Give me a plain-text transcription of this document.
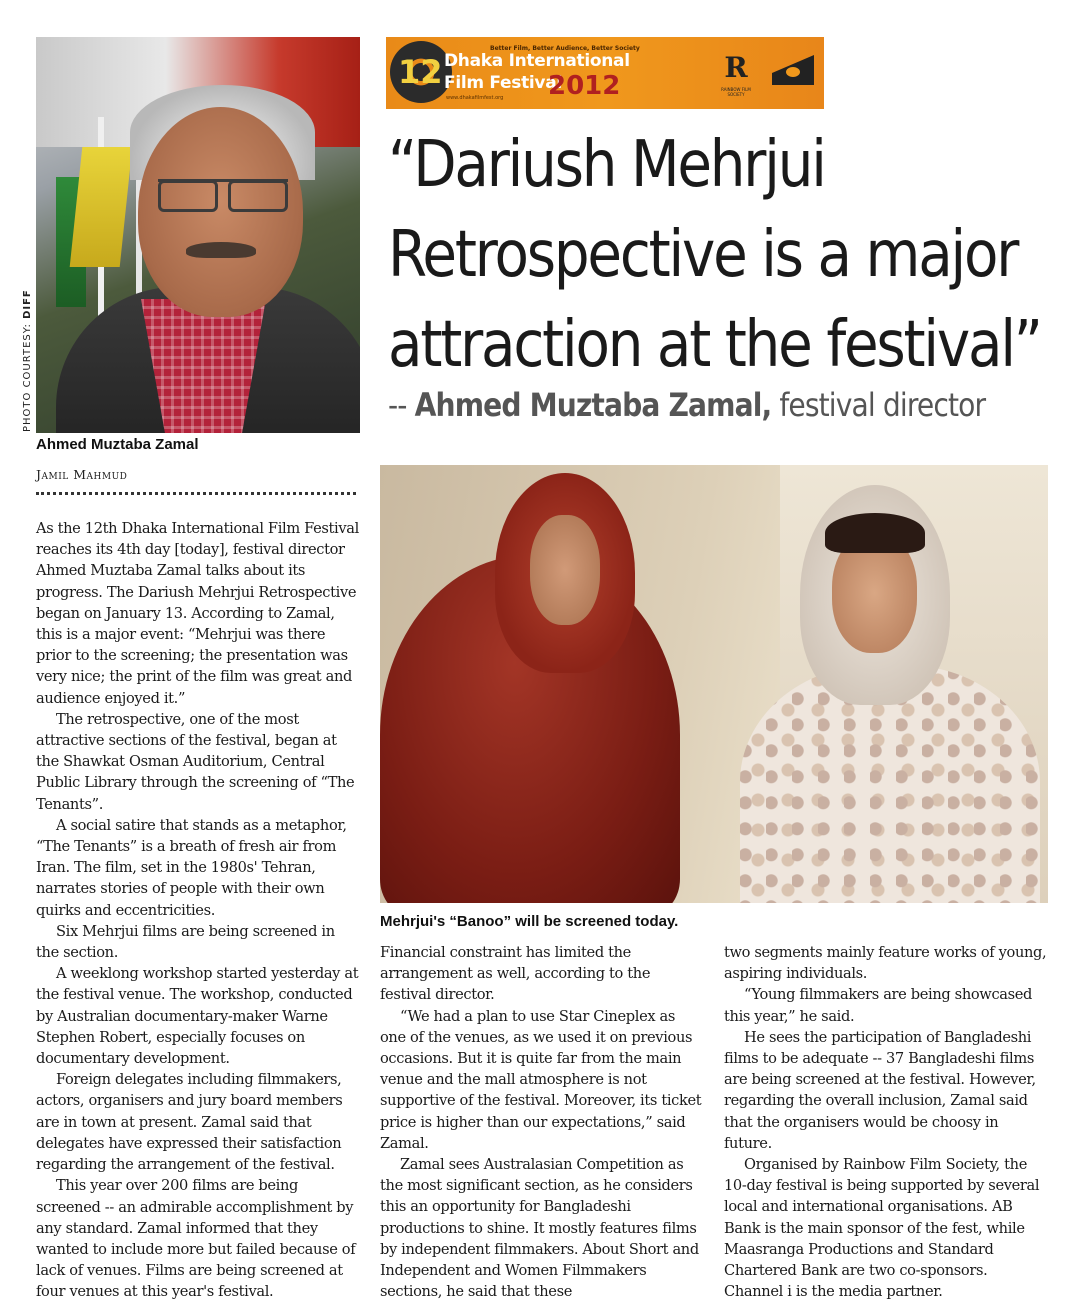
PHOTO COURTESY: DIFF
Ahmed Muztaba Zamal
Jamil Mahmud
12
Better Film, Better Audience, Better Society
Dhaka International
Film Festival
2012
www.dhakafilmfest.org
R
RAINBOW FILM SOCIETY
“Dariush Mehrjui Retrospective is a major attraction at the festival”
-- Ahmed Muztaba Zamal, festival director
Mehrjui's “Banoo” will be screened today.

As the 12th Dhaka International Film Festival reaches its 4th day [today], festival director Ahmed Muztaba Zamal talks about its progress. The Dariush Mehrjui Retrospective began on January 13. According to Zamal, this is a major event: “Mehrjui was there prior to the screening; the presentation was very nice; the print of the film was great and audience enjoyed it.”

The retrospective, one of the most attractive sections of the festival, began at the Shawkat Osman Auditorium, Central Public Library through the screening of “The Tenants”.

A social satire that stands as a metaphor, “The Tenants” is a breath of fresh air from Iran. The film, set in the 1980s' Tehran, narrates stories of people with their own quirks and eccentricities.

Six Mehrjui films are being screened in the section.

A weeklong workshop started yesterday at the festival venue. The workshop, conducted by Australian documentary-maker Warne Stephen Robert, especially focuses on documentary development.

Foreign delegates including filmmakers, actors, organisers and jury board members are in town at present. Zamal said that delegates have expressed their satisfaction regarding the arrangement of the festival.

This year over 200 films are being screened -- an admirable accomplishment by any standard. Zamal informed that they wanted to include more but failed because of lack of venues. Films are being screened at four venues at this year's festival.

Financial constraint has limited the arrangement as well, according to the festival director.

“We had a plan to use Star Cineplex as one of the venues, as we used it on previous occasions. But it is quite far from the main venue and the mall atmosphere is not supportive of the festival. Moreover, its ticket price is higher than our expectations,” said Zamal.

Zamal sees Australasian Competition as the most significant section, as he considers this an opportunity for Bangladeshi productions to shine. It mostly features films by independent filmmakers. About Short and Independent and Women Filmmakers sections, he said that these

two segments mainly feature works of young, aspiring individuals.

“Young filmmakers are being showcased this year,” he said.

He sees the participation of Bangladeshi films to be adequate -- 37 Bangladeshi films are being screened at the festival. However, regarding the overall inclusion, Zamal said that the organisers would be choosy in future.

Organised by Rainbow Film Society, the 10-day festival is being supported by several local and international organisations. AB Bank is the main sponsor of the fest, while Maasranga Productions and Standard Chartered Bank are two co-sponsors. Channel i is the media partner.
